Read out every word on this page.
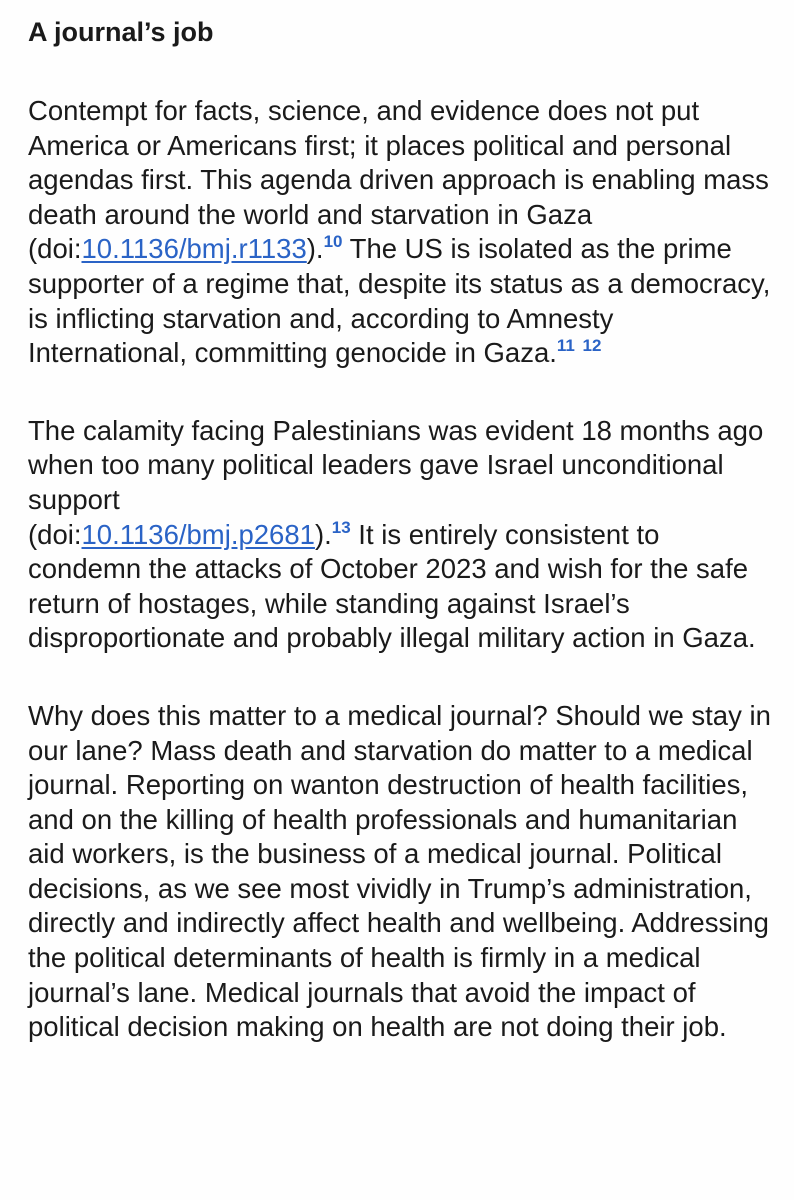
A journal’s job

Contempt for facts, science, and evidence does not put America or Americans first; it places political and personal agendas first. This agenda driven approach is enabling mass death around the world and starvation in Gaza (doi:10.1136/bmj.r1133).$^{10}$ The US is isolated as the prime supporter of a regime that, despite its status as a democracy, is inflicting starvation and, according to Amnesty International, committing genocide in Gaza.$^{11}$ $^{12}$

The calamity facing Palestinians was evident 18 months ago when too many political leaders gave Israel unconditional support
(doi:10.1136/bmj.p2681).$^{13}$ It is entirely consistent to condemn the attacks of October 2023 and wish for the safe return of hostages, while standing against Israel’s disproportionate and probably illegal military action in Gaza.

Why does this matter to a medical journal? Should we stay in our lane? Mass death and starvation do matter to a medical journal. Reporting on wanton destruction of health facilities, and on the killing of health professionals and humanitarian aid workers, is the business of a medical journal. Political decisions, as we see most vividly in Trump’s administration, directly and indirectly affect health and wellbeing. Addressing the political determinants of health is firmly in a medical journal’s lane. Medical journals that avoid the impact of political decision making on health are not doing their job.
